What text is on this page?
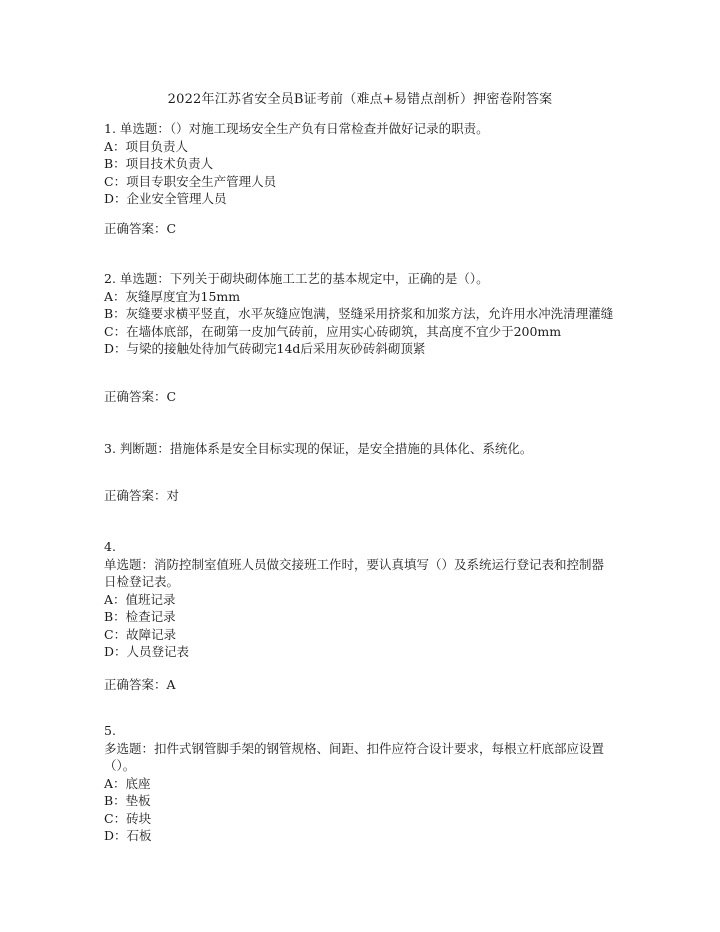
2022年江苏省安全员B证考前（难点+易错点剖析）押密卷附答案

1. 单选题：（）对施工现场安全生产负有日常检查并做好记录的职责。

A：项目负责人

B：项目技术负责人

C：项目专职安全生产管理人员

D：企业安全管理人员

正确答案：C

2. 单选题：下列关于砌块砌体施工工艺的基本规定中，正确的是（）。

A：灰缝厚度宜为15mm

B：灰缝要求横平竖直，水平灰缝应饱满，竖缝采用挤浆和加浆方法，允许用水冲洗清理灌缝

C：在墙体底部，在砌第一皮加气砖前，应用实心砖砌筑，其高度不宜少于200mm

D：与梁的接触处待加气砖砌完14d后采用灰砂砖斜砌顶紧

正确答案：C

3. 判断题：措施体系是安全目标实现的保证，是安全措施的具体化、系统化。

正确答案：对

4.

单选题：消防控制室值班人员做交接班工作时，要认真填写（）及系统运行登记表和控制器日检登记表。

A：值班记录

B：检查记录

C：故障记录

D：人员登记表

正确答案：A

5.

多选题：扣件式钢管脚手架的钢管规格、间距、扣件应符合设计要求，每根立杆底部应设置（）。

A：底座

B：垫板

C：砖块

D：石板
